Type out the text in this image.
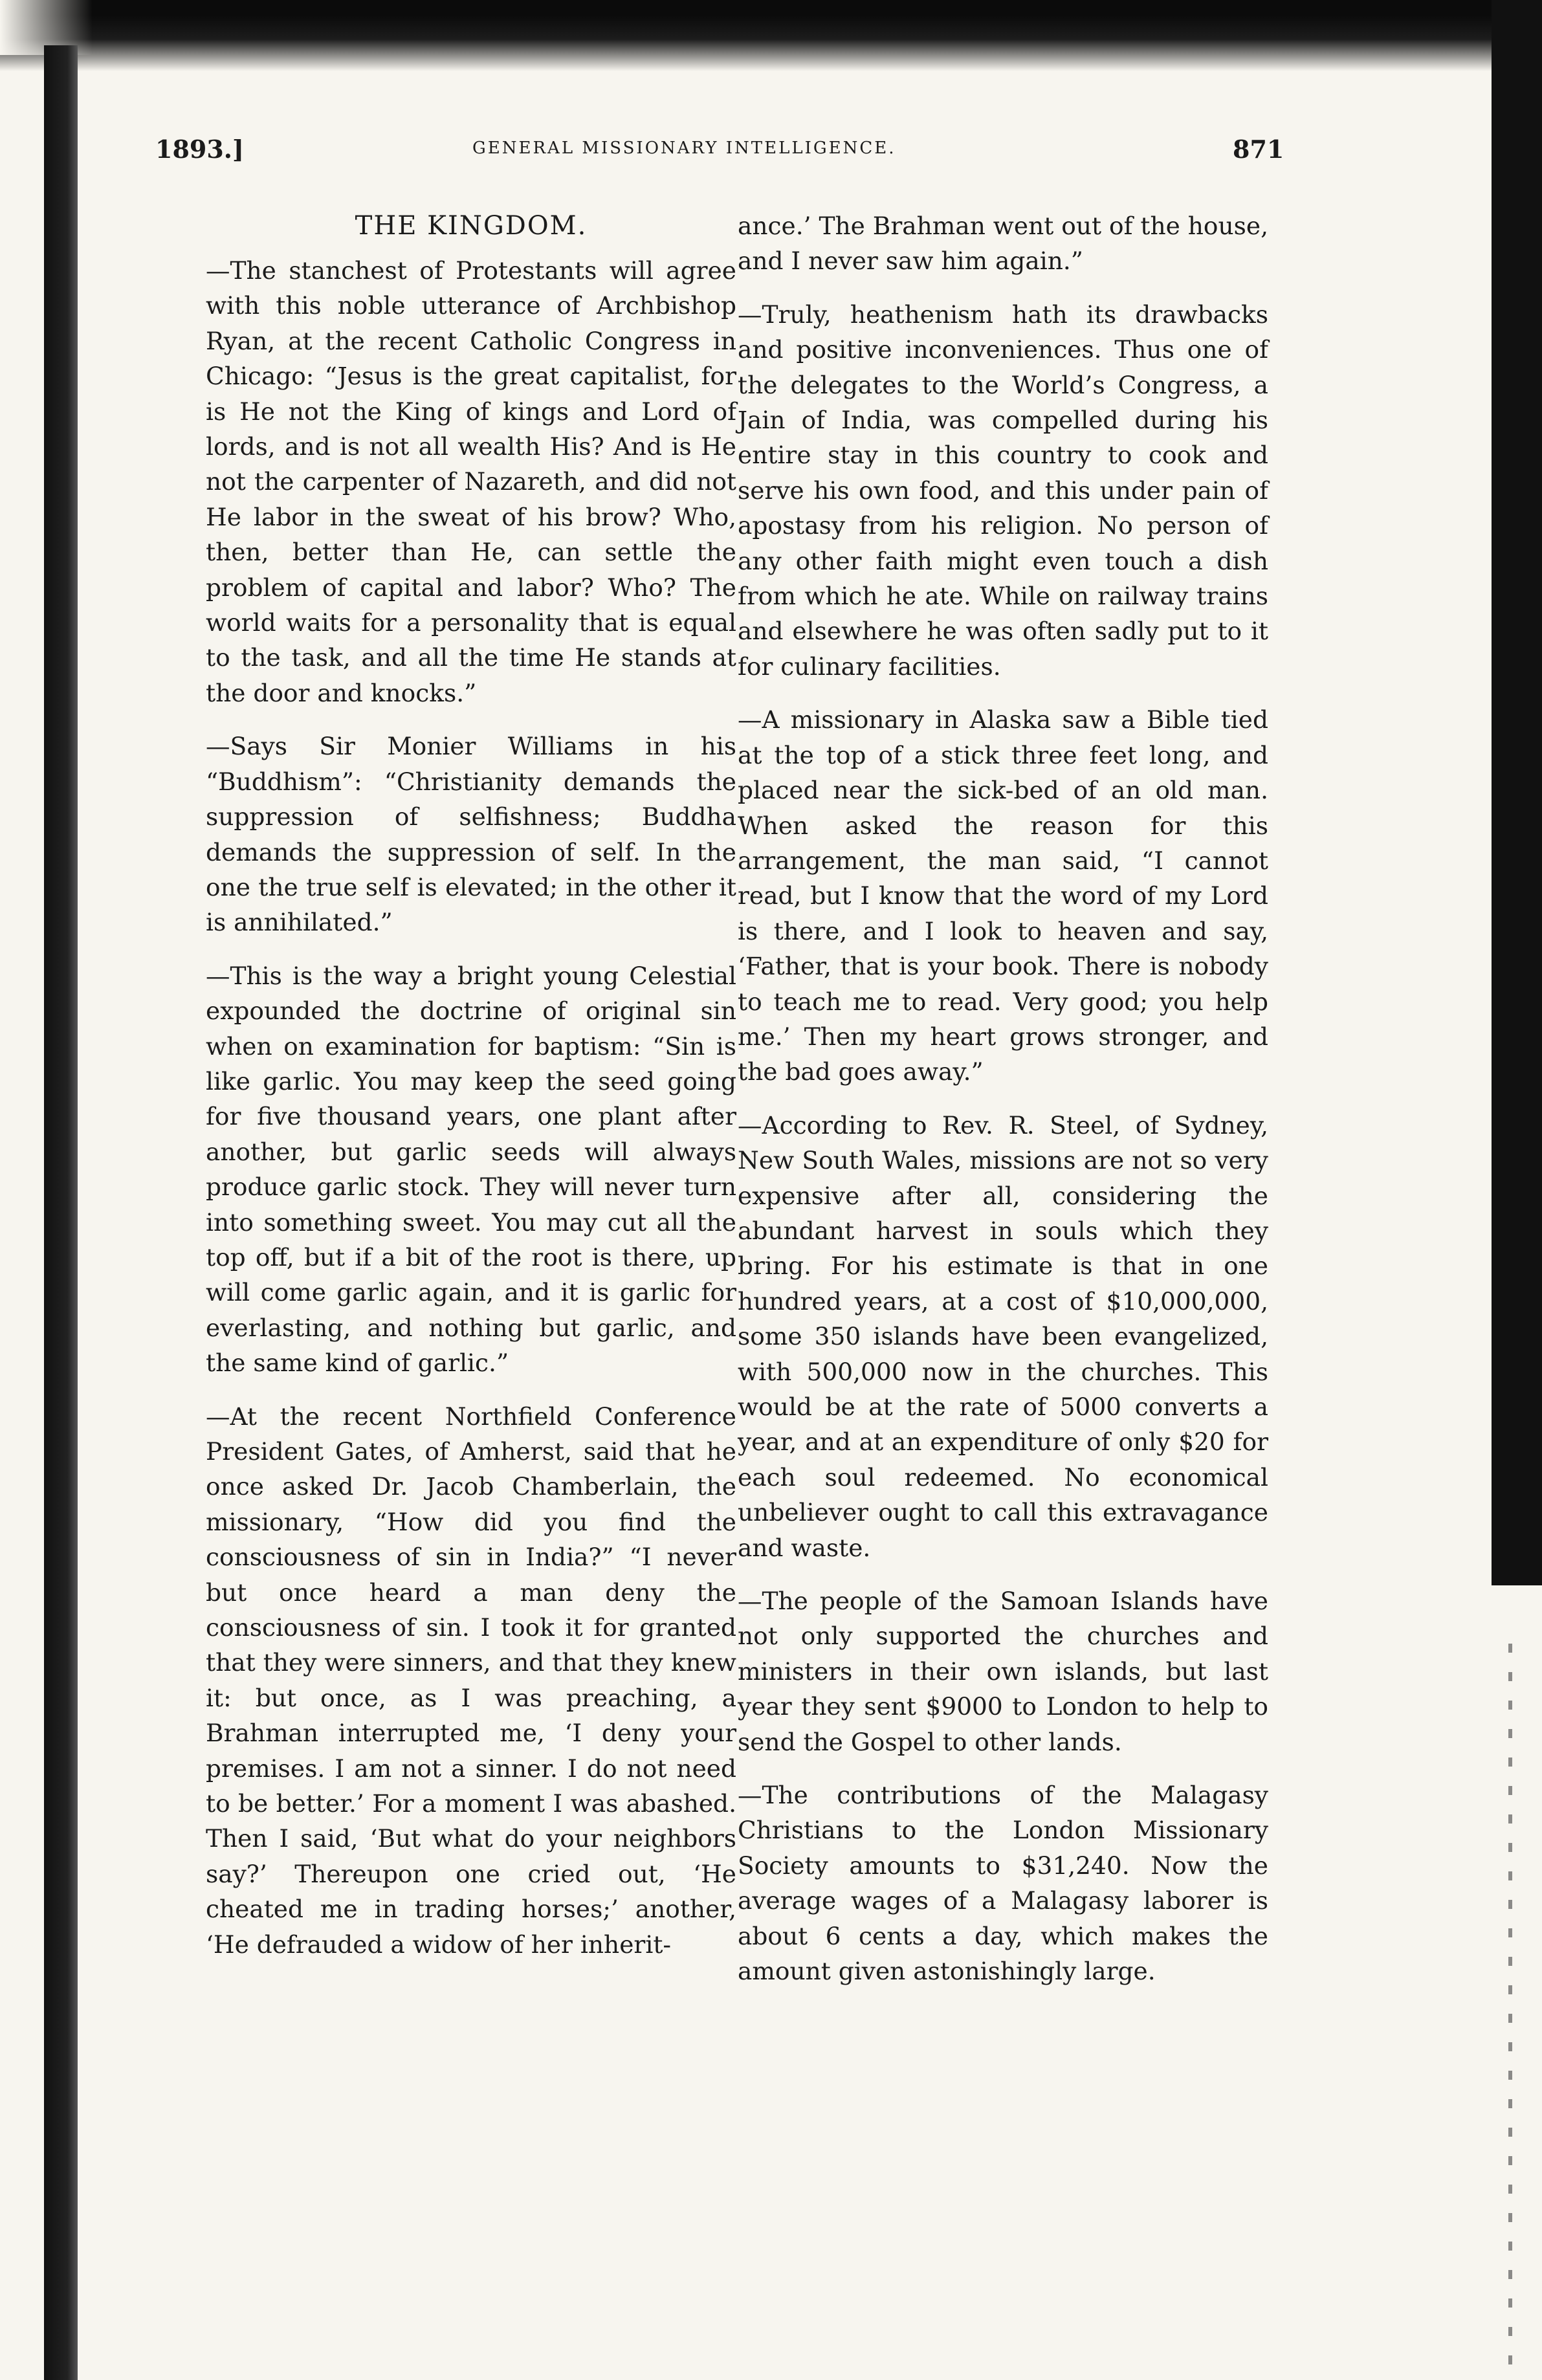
1893.]	GENERAL MISSIONARY INTELLIGENCE.	871
THE KINGDOM.

—The stanchest of Protestants will agree with this noble utterance of Archbishop Ryan, at the recent Catholic Congress in Chicago: “Jesus is the great capitalist, for is He not the King of kings and Lord of lords, and is not all wealth His? And is He not the carpenter of Nazareth, and did not He labor in the sweat of his brow? Who, then, better than He, can settle the problem of capital and labor? Who? The world waits for a personality that is equal to the task, and all the time He stands at the door and knocks.”

—Says Sir Monier Williams in his “Buddhism”: “Christianity demands the suppression of selfishness; Buddha demands the suppression of self. In the one the true self is elevated; in the other it is annihilated.”

—This is the way a bright young Celestial expounded the doctrine of original sin when on examination for baptism: “Sin is like garlic. You may keep the seed going for five thousand years, one plant after another, but garlic seeds will always produce garlic stock. They will never turn into something sweet. You may cut all the top off, but if a bit of the root is there, up will come garlic again, and it is garlic for everlasting, and nothing but garlic, and the same kind of garlic.”

—At the recent Northfield Conference President Gates, of Amherst, said that he once asked Dr. Jacob Chamberlain, the missionary, “How did you find the consciousness of sin in India?” “I never but once heard a man deny the consciousness of sin. I took it for granted that they were sinners, and that they knew it: but once, as I was preaching, a Brahman interrupted me, ‘I deny your premises. I am not a sinner. I do not need to be better.’ For a moment I was abashed. Then I said, ‘But what do your neighbors say?’ Thereupon one cried out, ‘He cheated me in trading horses;’ another, ‘He defrauded a widow of her inherit-

ance.’ The Brahman went out of the house, and I never saw him again.”

—Truly, heathenism hath its drawbacks and positive inconveniences. Thus one of the delegates to the World’s Congress, a Jain of India, was compelled during his entire stay in this country to cook and serve his own food, and this under pain of apostasy from his religion. No person of any other faith might even touch a dish from which he ate. While on railway trains and elsewhere he was often sadly put to it for culinary facilities.

—A missionary in Alaska saw a Bible tied at the top of a stick three feet long, and placed near the sick-bed of an old man. When asked the reason for this arrangement, the man said, “I cannot read, but I know that the word of my Lord is there, and I look to heaven and say, ‘Father, that is your book. There is nobody to teach me to read. Very good; you help me.’ Then my heart grows stronger, and the bad goes away.”

—According to Rev. R. Steel, of Sydney, New South Wales, missions are not so very expensive after all, considering the abundant harvest in souls which they bring. For his estimate is that in one hundred years, at a cost of $10,000,000, some 350 islands have been evangelized, with 500,000 now in the churches. This would be at the rate of 5000 converts a year, and at an expenditure of only $20 for each soul redeemed. No economical unbeliever ought to call this extravagance and waste.

—The people of the Samoan Islands have not only supported the churches and ministers in their own islands, but last year they sent $9000 to London to help to send the Gospel to other lands.

—The contributions of the Malagasy Christians to the London Missionary Society amounts to $31,240. Now the average wages of a Malagasy laborer is about 6 cents a day, which makes the amount given astonishingly large.
